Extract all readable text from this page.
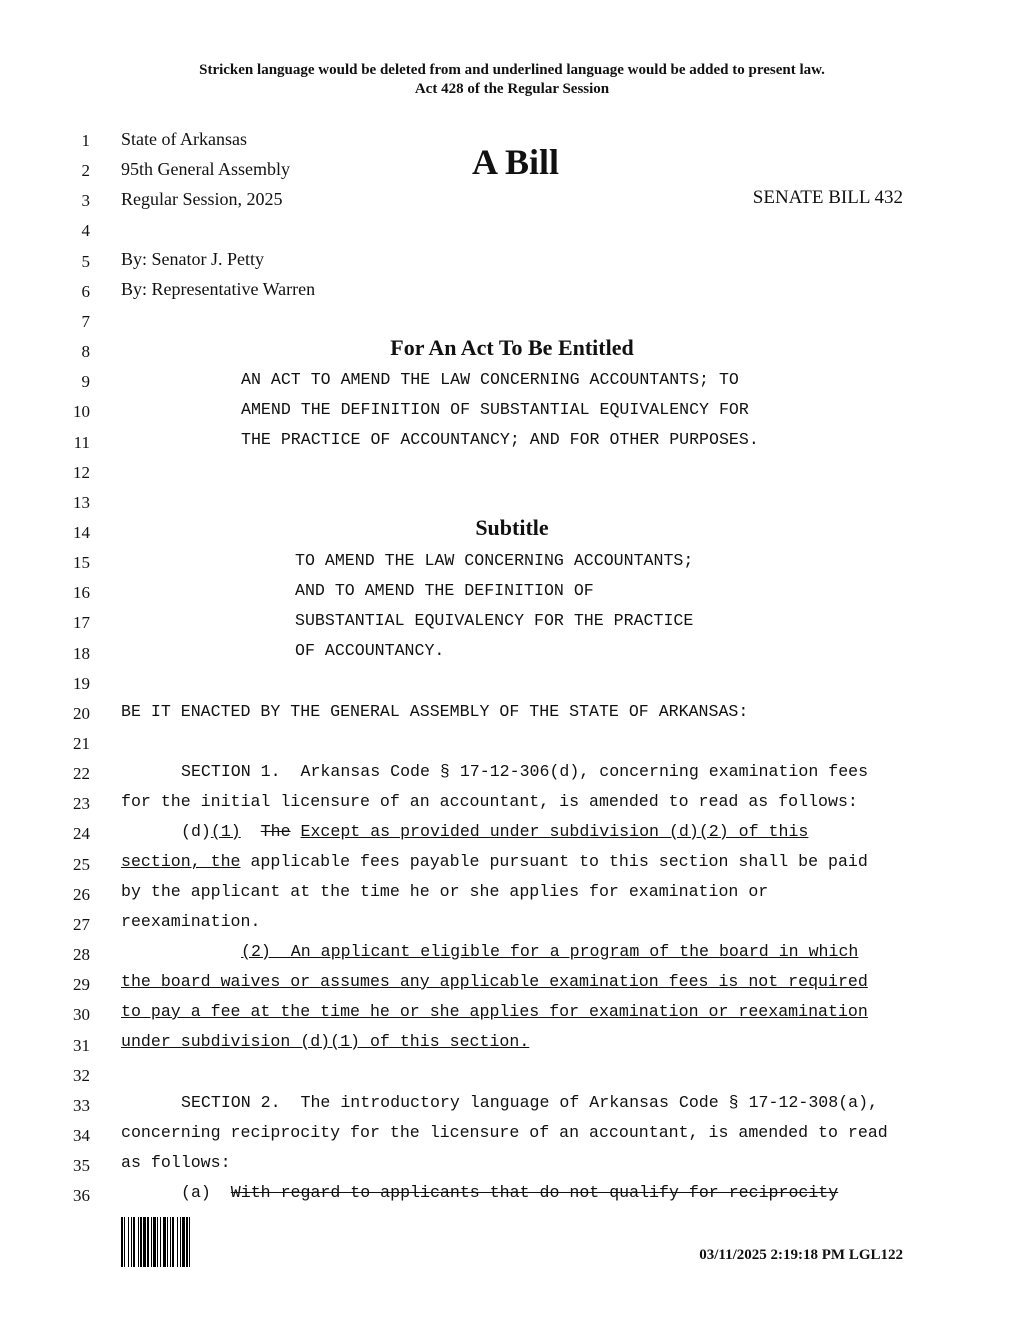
Stricken language would be deleted from and underlined language would be added to present law.
Act 428 of the Regular Session
1
2
3
4
5
6
7
8
9
10
11
12
13
14
15
16
17
18
19
20
21
22
23
24
25
26
27
28
29
30
31
32
33
34
35
36
State of Arkansas
95th General Assembly	A Bill
Regular Session, 2025	SENATE BILL 432
By: Senator J. Petty
By: Representative Warren
For An Act To Be Entitled
AN ACT TO AMEND THE LAW CONCERNING ACCOUNTANTS; TO
AMEND THE DEFINITION OF SUBSTANTIAL EQUIVALENCY FOR
THE PRACTICE OF ACCOUNTANCY; AND FOR OTHER PURPOSES.
Subtitle
TO AMEND THE LAW CONCERNING ACCOUNTANTS;
AND TO AMEND THE DEFINITION OF
SUBSTANTIAL EQUIVALENCY FOR THE PRACTICE
OF ACCOUNTANCY.
BE IT ENACTED BY THE GENERAL ASSEMBLY OF THE STATE OF ARKANSAS:
SECTION 1.  Arkansas Code § 17-12-306(d), concerning examination fees
for the initial licensure of an accountant, is amended to read as follows:
(d)(1) The Except as provided under subdivision (d)(2) of this
section, the applicable fees payable pursuant to this section shall be paid
by the applicant at the time he or she applies for examination or
reexamination.
(2)  An applicant eligible for a program of the board in which
the board waives or assumes any applicable examination fees is not required
to pay a fee at the time he or she applies for examination or reexamination
under subdivision (d)(1) of this section.
SECTION 2.  The introductory language of Arkansas Code § 17-12-308(a),
concerning reciprocity for the licensure of an accountant, is amended to read
as follows:
(a) With regard to applicants that do not qualify for reciprocity
03/11/2025 2:19:18 PM LGL122
